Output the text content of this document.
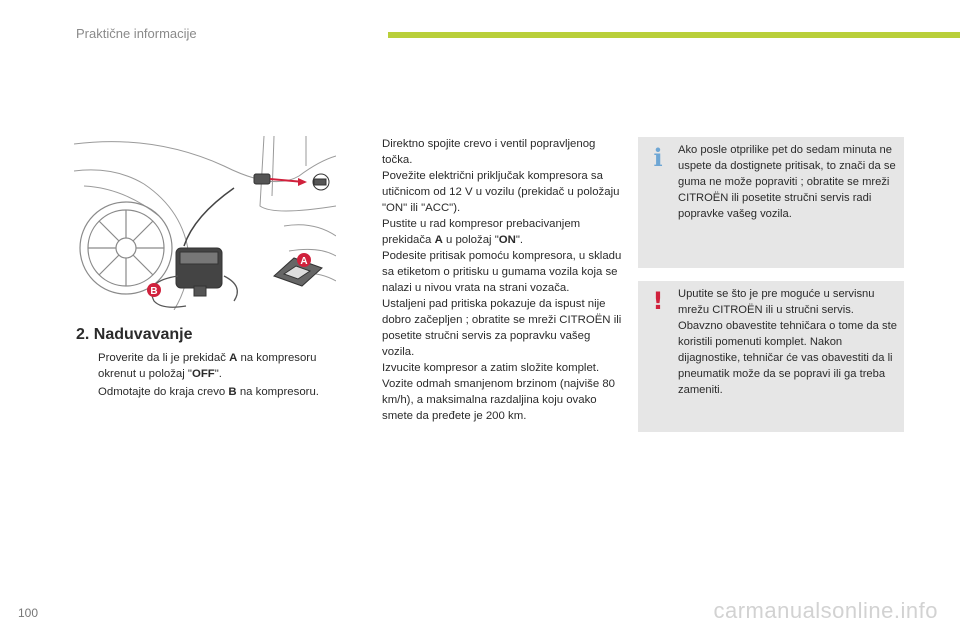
Praktične informacije
A
B
2. Naduvavanje
Proverite da li je prekidač A na kompresoru okrenut u položaj "OFF".
Odmotajte do kraja crevo B na kompresoru.
Direktno spojite crevo i ventil popravljenog točka.
Povežite električni priključak kompresora sa utičnicom od 12 V u vozilu (prekidač u položaju "ON" ili "ACC").
Pustite u rad kompresor prebacivanjem prekidača A u položaj "ON".
Podesite pritisak pomoću kompresora, u skladu sa etiketom o pritisku u gumama vozila koja se nalazi u nivou vrata na strani vozača.
Ustaljeni pad pritiska pokazuje da ispust nije dobro začepljen ; obratite se mreži CITROËN ili posetite stručni servis za popravku vašeg vozila.
Izvucite kompresor a zatim složite komplet.
Vozite odmah smanjenom brzinom (najviše 80 km/h), a maksimalna razdaljina koju ovako smete da pređete je 200 km.
i	Ako posle otprilike pet do sedam minuta ne uspete da dostignete pritisak, to znači da se guma ne može popraviti ; obratite se mreži CITROËN ili posetite stručni servis radi popravke vašeg vozila.
! Uputite se što je pre moguće u servisnu mrežu CITROËN ili u stručni servis. Obavzno obavestite tehničara o tome da ste koristili pomenuti komplet. Nakon dijagnostike, tehničar će vas obavestiti da li pneumatik može da se popravi ili ga treba zameniti.
100	carmanualsonline.info
